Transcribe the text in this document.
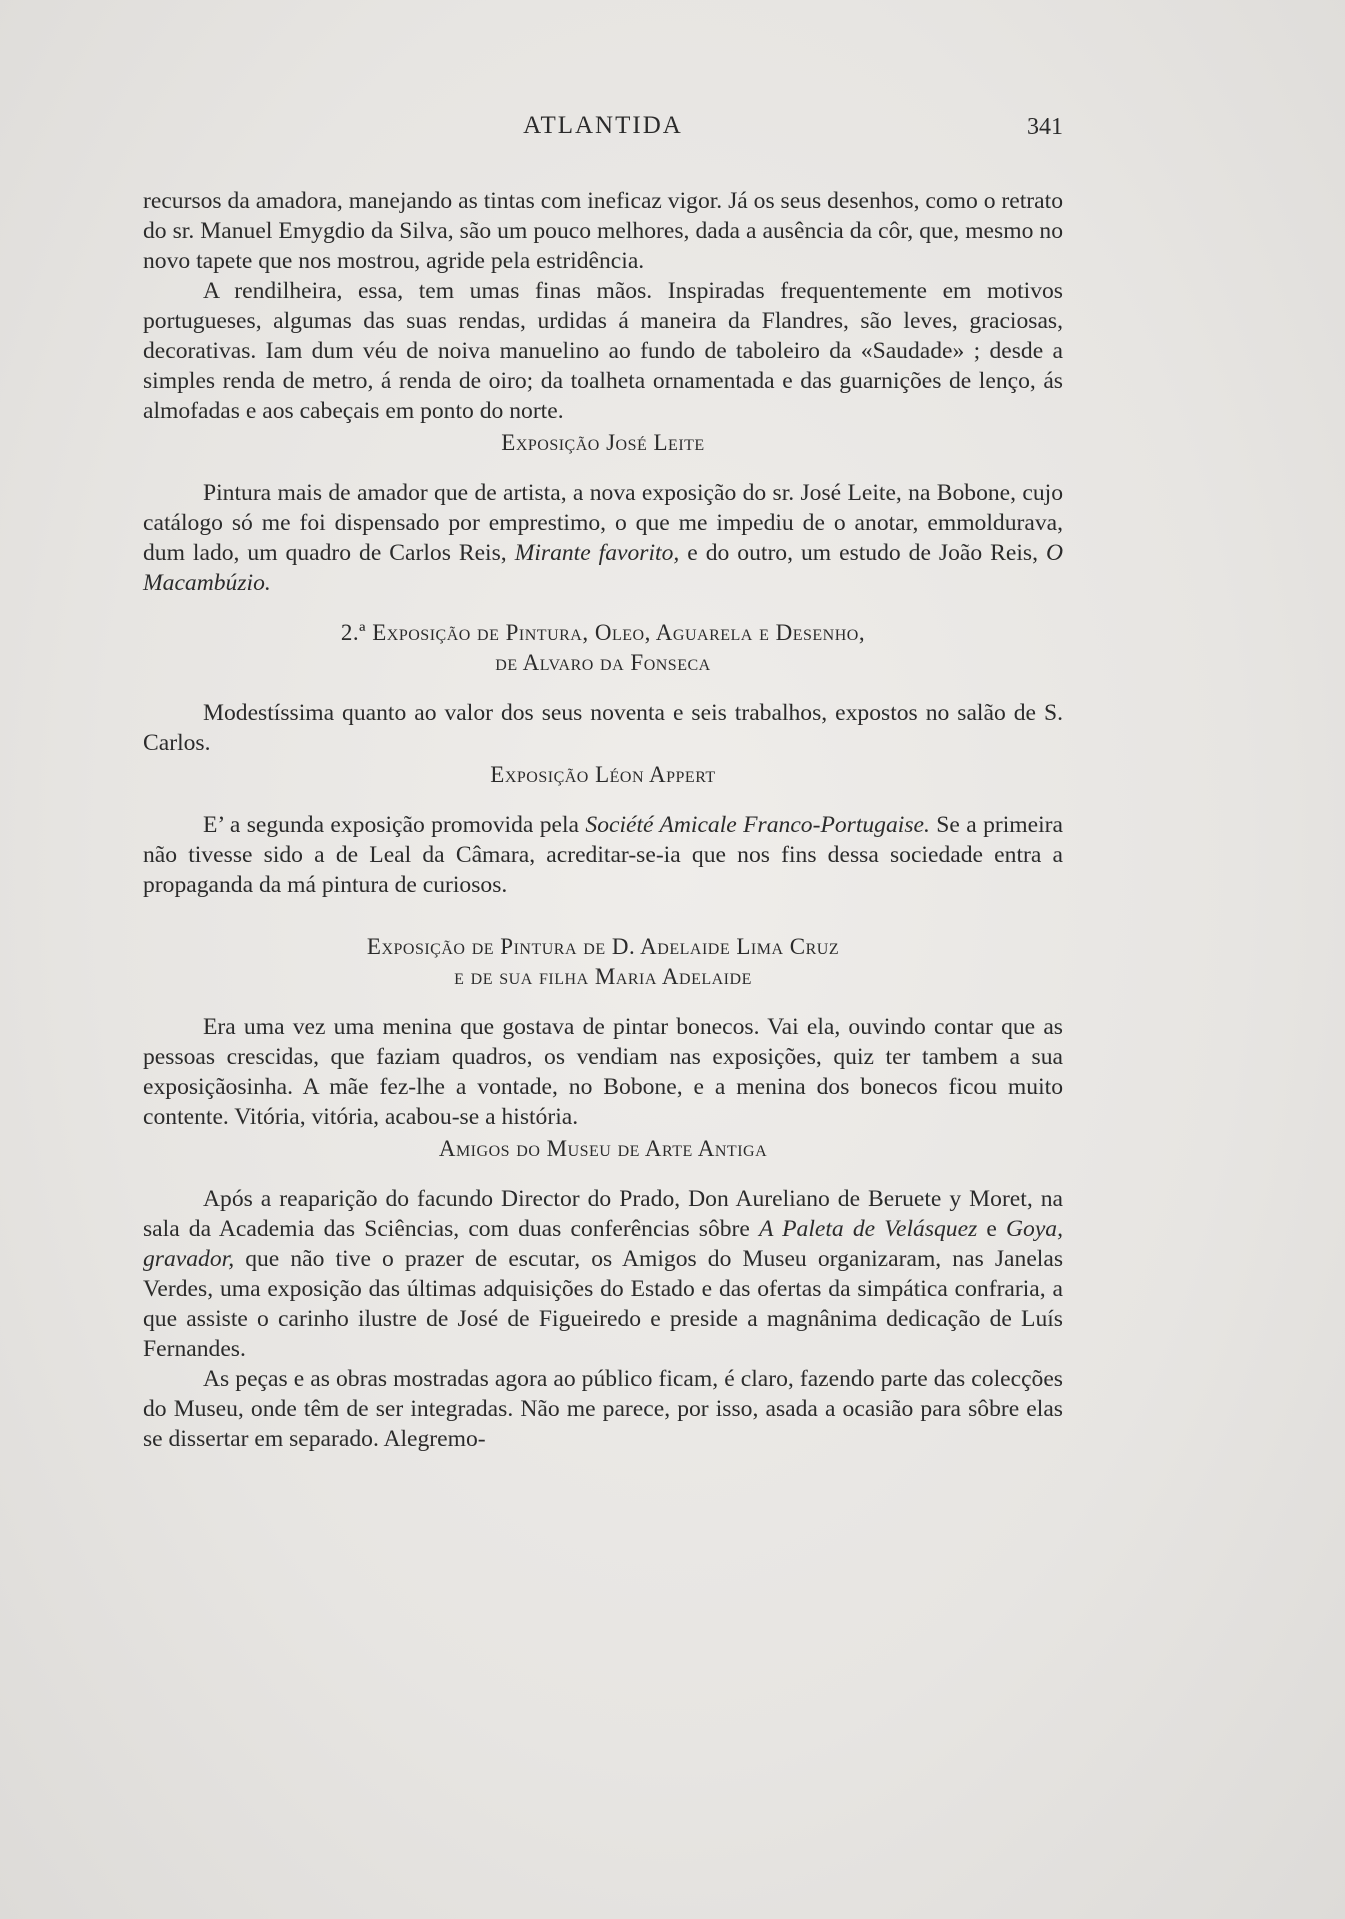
ATLANTIDA	341

recursos da amadora, manejando as tintas com ineficaz vigor. Já os seus desenhos, como o retrato do sr. Manuel Emygdio da Silva, são um pouco melhores, dada a ausência da côr, que, mesmo no novo tapete que nos mostrou, agride pela estridência.

A rendilheira, essa, tem umas finas mãos. Inspiradas frequentemente em motivos portugueses, algumas das suas rendas, urdidas á maneira da Flandres, são leves, graciosas, decorativas. Iam dum véu de noiva manuelino ao fundo de taboleiro da «Saudade» ; desde a simples renda de metro, á renda de oiro; da toalheta ornamentada e das guarnições de lenço, ás almofadas e aos cabeçais em ponto do norte.

Exposição José Leite

Pintura mais de amador que de artista, a nova exposição do sr. José Leite, na Bobone, cujo catálogo só me foi dispensado por emprestimo, o que me impediu de o anotar, emmoldurava, dum lado, um quadro de Carlos Reis, Mirante favorito, e do outro, um estudo de João Reis, O Macambúzio.

2.ª Exposição de Pintura, Oleo, Aguarela e Desenho,
de Alvaro da Fonseca

Modestíssima quanto ao valor dos seus noventa e seis trabalhos, expostos no salão de S. Carlos.

Exposição Léon Appert

E’ a segunda exposição promovida pela Société Amicale Franco-Portugaise. Se a primeira não tivesse sido a de Leal da Câmara, acreditar-se-ia que nos fins dessa sociedade entra a propaganda da má pintura de curiosos.

Exposição de Pintura de D. Adelaide Lima Cruz
e de sua filha Maria Adelaide

Era uma vez uma menina que gostava de pintar bonecos. Vai ela, ouvindo contar que as pessoas crescidas, que faziam quadros, os vendiam nas exposições, quiz ter tambem a sua exposiçãosinha. A mãe fez-lhe a vontade, no Bobone, e a menina dos bonecos ficou muito contente. Vitória, vitória, acabou-se a história.

Amigos do Museu de Arte Antiga

Após a reaparição do facundo Director do Prado, Don Aureliano de Beruete y Moret, na sala da Academia das Sciências, com duas conferências sôbre A Paleta de Velásquez e Goya, gravador, que não tive o prazer de escutar, os Amigos do Museu organizaram, nas Janelas Verdes, uma exposição das últimas adquisições do Estado e das ofertas da simpática confraria, a que assiste o carinho ilustre de José de Figueiredo e preside a magnânima dedicação de Luís Fernandes.

As peças e as obras mostradas agora ao público ficam, é claro, fazendo parte das colecções do Museu, onde têm de ser integradas. Não me parece, por isso, asada a ocasião para sôbre elas se dissertar em separado. Alegremo-
